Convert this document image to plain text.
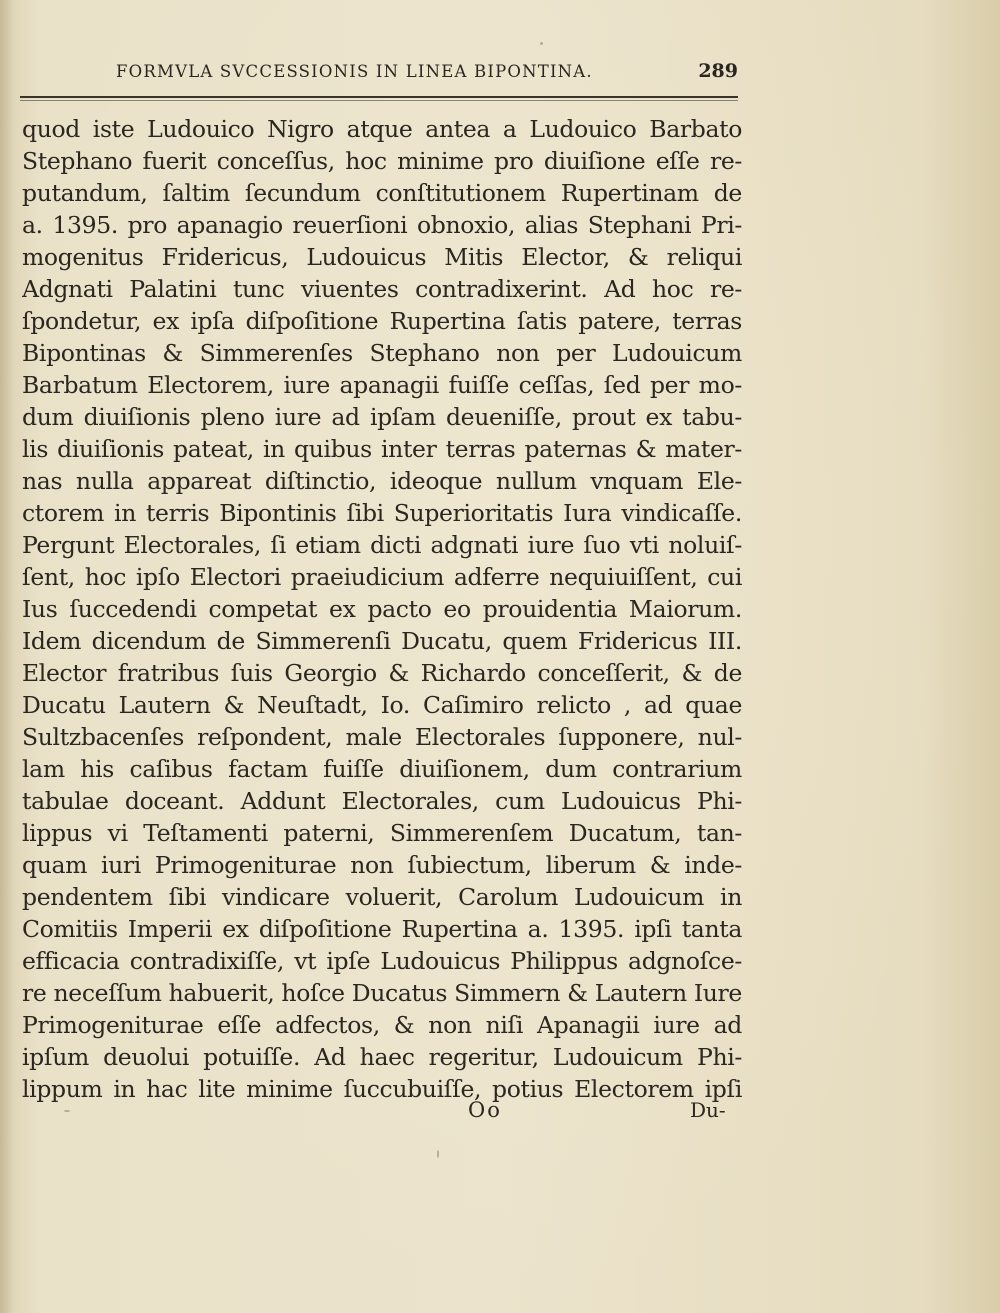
FORMVLA SVCCESSIONIS IN LINEA BIPONTINA.	289
quod iste Ludouico Nigro atque antea a Ludouico Barbato
Stephano fuerit conceſſus, hoc minime pro diuiſione eſſe re-
putandum, ſaltim ſecundum conſtitutionem Rupertinam de
a. 1395. pro apanagio reuerſioni obnoxio, alias Stephani Pri-
mogenitus Fridericus, Ludouicus Mitis Elector, & reliqui
Adgnati Palatini tunc viuentes contradixerint. Ad hoc re-
ſpondetur, ex ipſa diſpoſitione Rupertina ſatis patere, terras
Bipontinas & Simmerenſes Stephano non per Ludouicum
Barbatum Electorem, iure apanagii fuiſſe ceſſas, ſed per mo-
dum diuiſionis pleno iure ad ipſam deueniſſe, prout ex tabu-
lis diuiſionis pateat, in quibus inter terras paternas & mater-
nas nulla appareat diſtinctio, ideoque nullum vnquam Ele-
ctorem in terris Bipontinis ſibi Superioritatis Iura vindicaſſe.
Pergunt Electorales, ſi etiam dicti adgnati iure ſuo vti noluiſ-
ſent, hoc ipſo Electori praeiudicium adferre nequiuiſſent, cui
Ius ſuccedendi competat ex pacto eo prouidentia Maiorum.
Idem dicendum de Simmerenſi Ducatu, quem Fridericus III.
Elector fratribus ſuis Georgio & Richardo conceſſerit, & de
Ducatu Lautern & Neuſtadt, Io. Caſimiro relicto , ad quae
Sultzbacenſes reſpondent, male Electorales ſupponere, nul-
lam his caſibus factam fuiſſe diuiſionem, dum contrarium
tabulae doceant. Addunt Electorales, cum Ludouicus Phi-
lippus vi Teſtamenti paterni, Simmerenſem Ducatum, tan-
quam iuri Primogeniturae non ſubiectum, liberum & inde-
pendentem ſibi vindicare voluerit, Carolum Ludouicum in
Comitiis Imperii ex diſpoſitione Rupertina a. 1395. ipſi tanta
efficacia contradixiſſe, vt ipſe Ludouicus Philippus adgnoſce-
re neceſſum habuerit, hoſce Ducatus Simmern & Lautern Iure
Primogeniturae eſſe adfectos, & non niſi Apanagii iure ad
ipſum deuolui potuiſſe. Ad haec regeritur, Ludouicum Phi-
lippum in hac lite minime ſuccubuiſſe, potius Electorem ipſi
Oo	Du-
